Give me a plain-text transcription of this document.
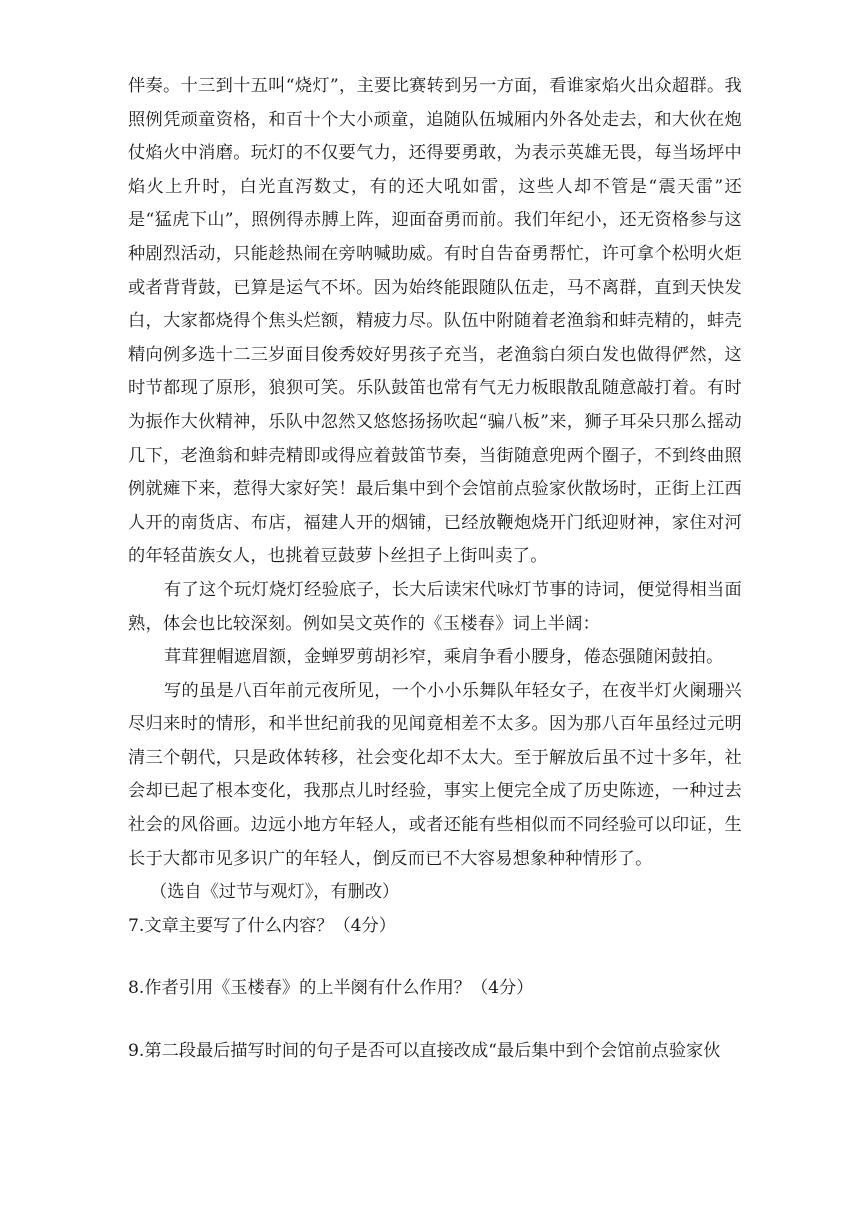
伴奏。十三到十五叫“烧灯”，主要比赛转到另一方面，看谁家焰火出众超群。我照例凭顽童资格，和百十个大小顽童，追随队伍城厢内外各处走去，和大伙在炮仗焰火中消磨。玩灯的不仅要气力，还得要勇敢，为表示英雄无畏，每当场坪中焰火上升时，白光直泻数丈，有的还大吼如雷，这些人却不管是“震天雷”还是“猛虎下山”，照例得赤膊上阵，迎面奋勇而前。我们年纪小，还无资格参与这种剧烈活动，只能趁热闹在旁呐喊助威。有时自告奋勇帮忙，许可拿个松明火炬或者背背鼓，已算是运气不坏。因为始终能跟随队伍走，马不离群，直到天快发白，大家都烧得个焦头烂额，精疲力尽。队伍中附随着老渔翁和蚌壳精的，蚌壳精向例多选十二三岁面目俊秀姣好男孩子充当，老渔翁白须白发也做得俨然，这时节都现了原形，狼狈可笑。乐队鼓笛也常有气无力板眼散乱随意敲打着。有时为振作大伙精神，乐队中忽然又悠悠扬扬吹起“骗八板”来，狮子耳朵只那么摇动几下，老渔翁和蚌壳精即或得应着鼓笛节奏，当街随意兜两个圈子，不到终曲照例就瘫下来，惹得大家好笑！最后集中到个会馆前点验家伙散场时，正街上江西人开的南货店、布店，福建人开的烟铺，已经放鞭炮烧开门纸迎财神，家住对河的年轻苗族女人，也挑着豆鼓萝卜丝担子上街叫卖了。

有了这个玩灯烧灯经验底子，长大后读宋代咏灯节事的诗词，便觉得相当面熟，体会也比较深刻。例如吴文英作的《玉楼春》词上半阔：

茸茸狸帽遮眉额，金蝉罗剪胡衫窄，乘肩争看小腰身，倦态强随闲鼓拍。

写的虽是八百年前元夜所见，一个小小乐舞队年轻女子，在夜半灯火阑珊兴尽归来时的情形，和半世纪前我的见闻竟相差不太多。因为那八百年虽经过元明清三个朝代，只是政体转移，社会变化却不太大。至于解放后虽不过十多年，社会却已起了根本变化，我那点儿时经验，事实上便完全成了历史陈迹，一种过去社会的风俗画。边远小地方年轻人，或者还能有些相似而不同经验可以印证，生长于大都市见多识广的年轻人，倒反而已不大容易想象种种情形了。

（选自《过节与观灯》，有删改）

7.文章主要写了什么内容？（4分）

8.作者引用《玉楼春》的上半阕有什么作用？（4分）

9.第二段最后描写时间的句子是否可以直接改成“最后集中到个会馆前点验家伙
